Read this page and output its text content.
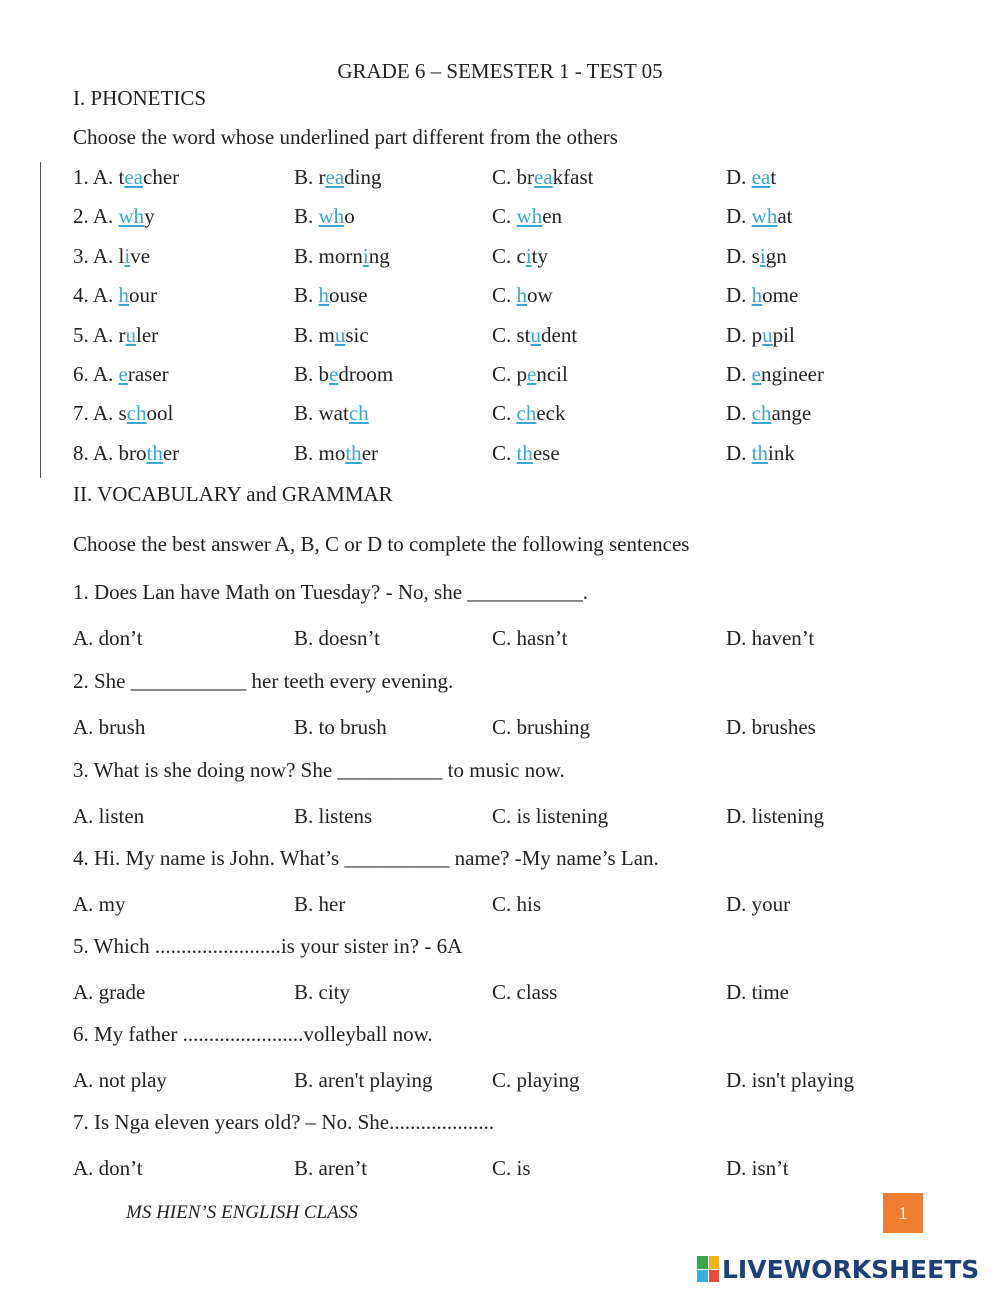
GRADE 6 – SEMESTER 1 - TEST 05
I. PHONETICS
Choose the word whose underlined part different from the others
1. A. teacher	B. reading	C. breakfast	D. eat
2. A. why	B. who	C. when	D. what
3. A. live	B. morning	C. city	D. sign
4. A. hour	B. house	C. how	D. home
5. A. ruler	B. music	C. student	D. pupil
6. A. eraser	B. bedroom	C. pencil	D. engineer
7. A. school	B. watch	C. check	D. change
8. A. brother	B. mother	C. these	D. think
II. VOCABULARY and GRAMMAR
Choose the best answer A, B, C or D to complete the following sentences
1. Does Lan have Math on Tuesday? - No, she ___________.
A. don’t	B. doesn’t	C. hasn’t	D. haven’t
2. She ___________ her teeth every evening.
A. brush	B. to brush	C. brushing	D. brushes
3. What is she doing now? She __________ to music now.
A. listen	B. listens	C. is listening	D. listening
4. Hi. My name is John. What’s __________ name? -My name’s Lan.
A. my	B. her	C. his	D. your
5. Which ........................is your sister in? - 6A
A. grade	B. city	C. class	D. time
6. My father .......................volleyball now.
A. not play	B. aren't playing	C. playing	D. isn't playing
7. Is Nga eleven years old? – No. She....................
A. don’t	B. aren’t	C. is	D. isn’t
MS HIEN’S ENGLISH CLASS	1
LIVEWORKSHEETS
